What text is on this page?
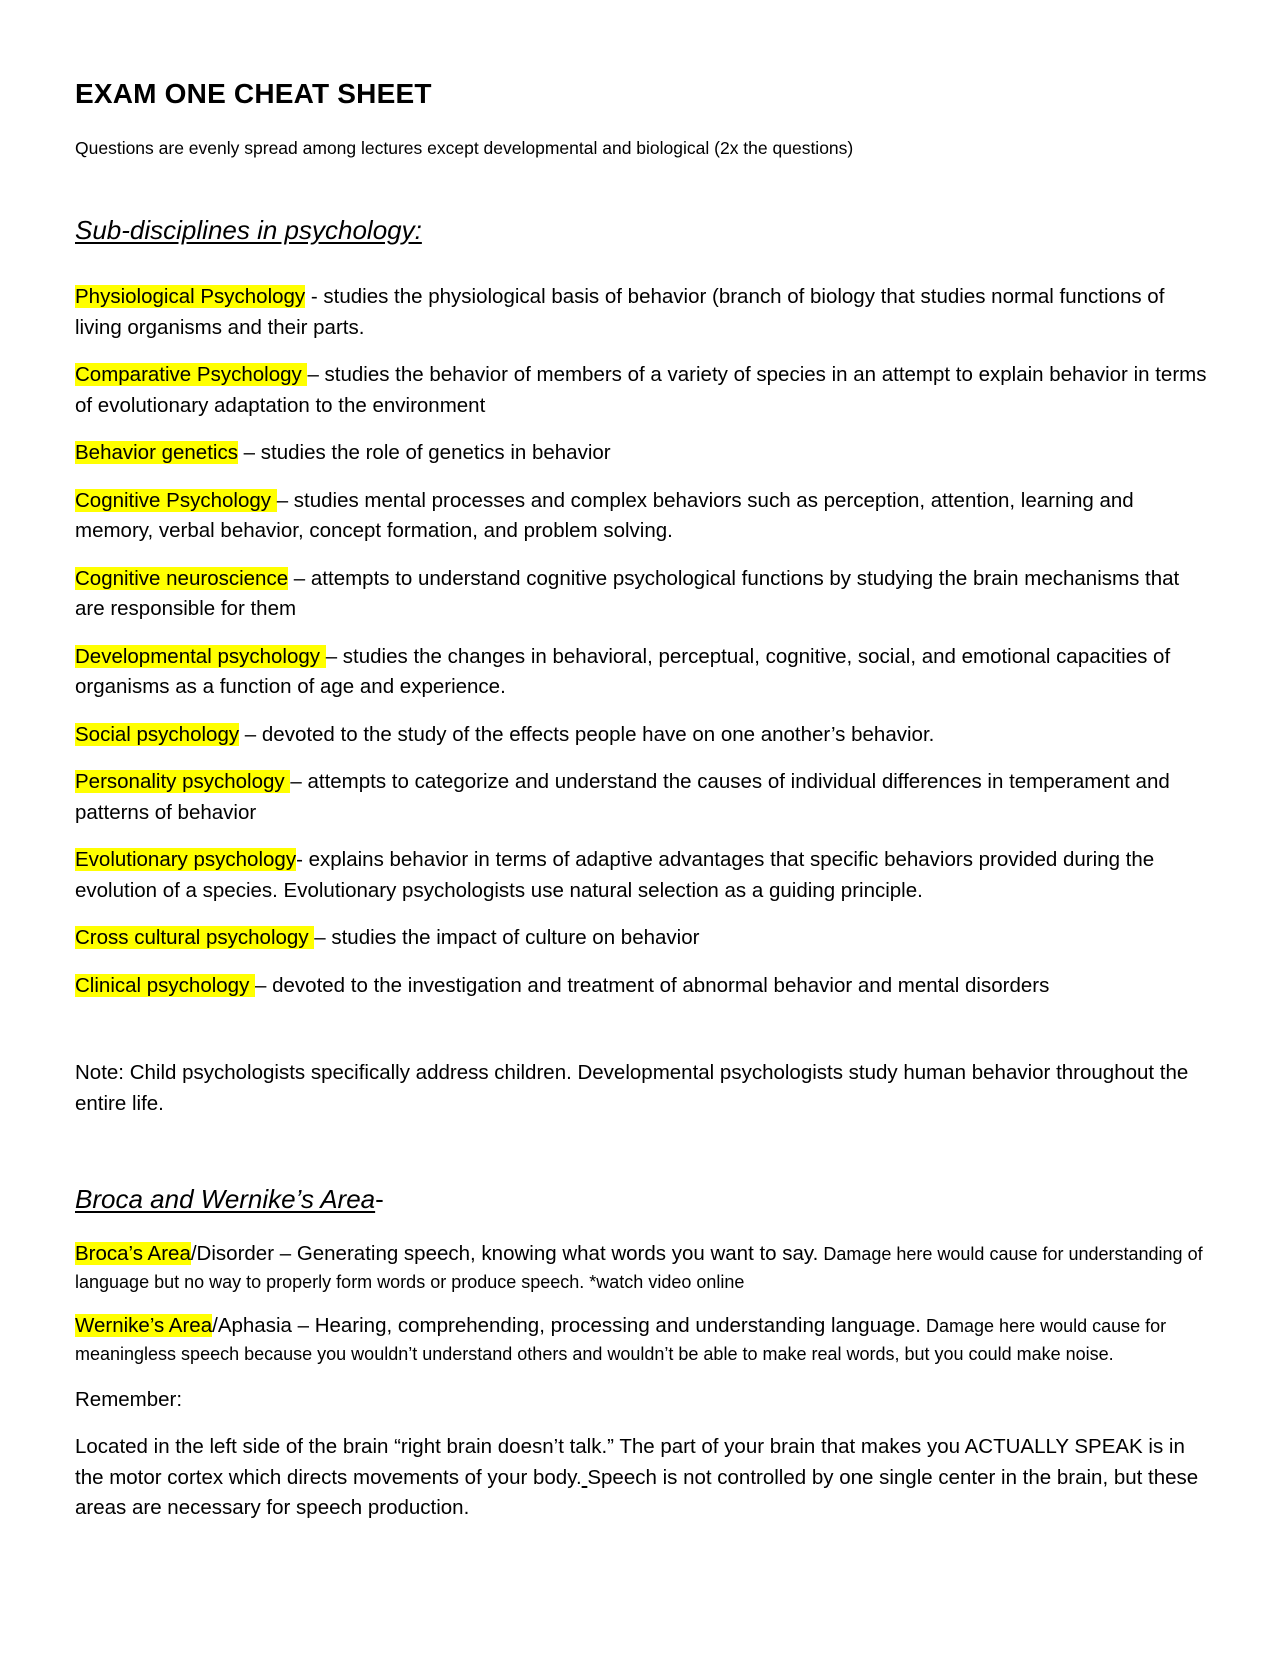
EXAM ONE CHEAT SHEET

Questions are evenly spread among lectures except developmental and biological (2x the questions)

Sub-disciplines in psychology:
Physiological Psychology - studies the physiological basis of behavior (branch of biology that studies normal functions of living organisms and their parts.
Comparative Psychology – studies the behavior of members of a variety of species in an attempt to explain behavior in terms of evolutionary adaptation to the environment
Behavior genetics – studies the role of genetics in behavior
Cognitive Psychology – studies mental processes and complex behaviors such as perception, attention, learning and memory, verbal behavior, concept formation, and problem solving.
Cognitive neuroscience – attempts to understand cognitive psychological functions by studying the brain mechanisms that are responsible for them
Developmental psychology – studies the changes in behavioral, perceptual, cognitive, social, and emotional capacities of organisms as a function of age and experience.
Social psychology – devoted to the study of the effects people have on one another’s behavior.
Personality psychology – attempts to categorize and understand the causes of individual differences in temperament and patterns of behavior
Evolutionary psychology- explains behavior in terms of adaptive advantages that specific behaviors provided during the evolution of a species. Evolutionary psychologists use natural selection as a guiding principle.
Cross cultural psychology – studies the impact of culture on behavior
Clinical psychology – devoted to the investigation and treatment of abnormal behavior and mental disorders

Note: Child psychologists specifically address children. Developmental psychologists study human behavior throughout the entire life.

Broca and Wernike’s Area-
Broca’s Area/Disorder – Generating speech, knowing what words you want to say. Damage here would cause for understanding of language but no way to properly form words or produce speech. *watch video online
Wernike’s Area/Aphasia – Hearing, comprehending, processing and understanding language. Damage here would cause for meaningless speech because you wouldn’t understand others and wouldn’t be able to make real words, but you could make noise.

Remember:

Located in the left side of the brain “right brain doesn’t talk.” The part of your brain that makes you ACTUALLY SPEAK is in the motor cortex which directs movements of your body. Speech is not controlled by one single center in the brain, but these areas are necessary for speech production.
